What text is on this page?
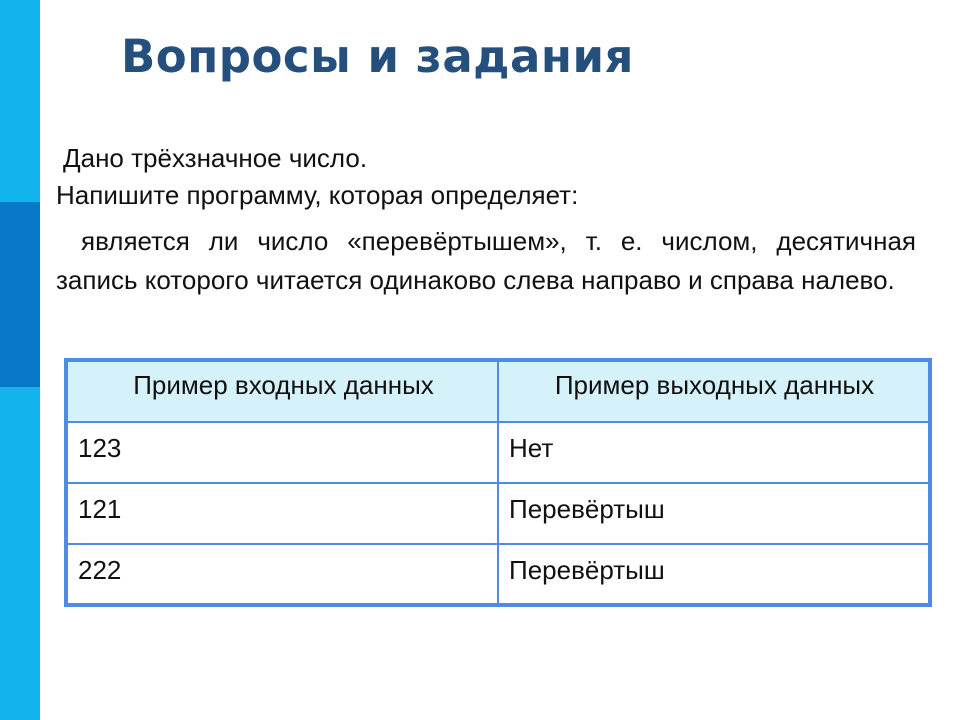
Вопросы и задания

Дано трёхзначное число.

Напишите программу, которая определяет:

является ли число «перевёртышем», т. е. числом, десятичная запись которого читается одинаково слева направо и справа налево.

Пример входных данных	Пример выходных данных
123	Нет
121	Перевёртыш
222	Перевёртыш
